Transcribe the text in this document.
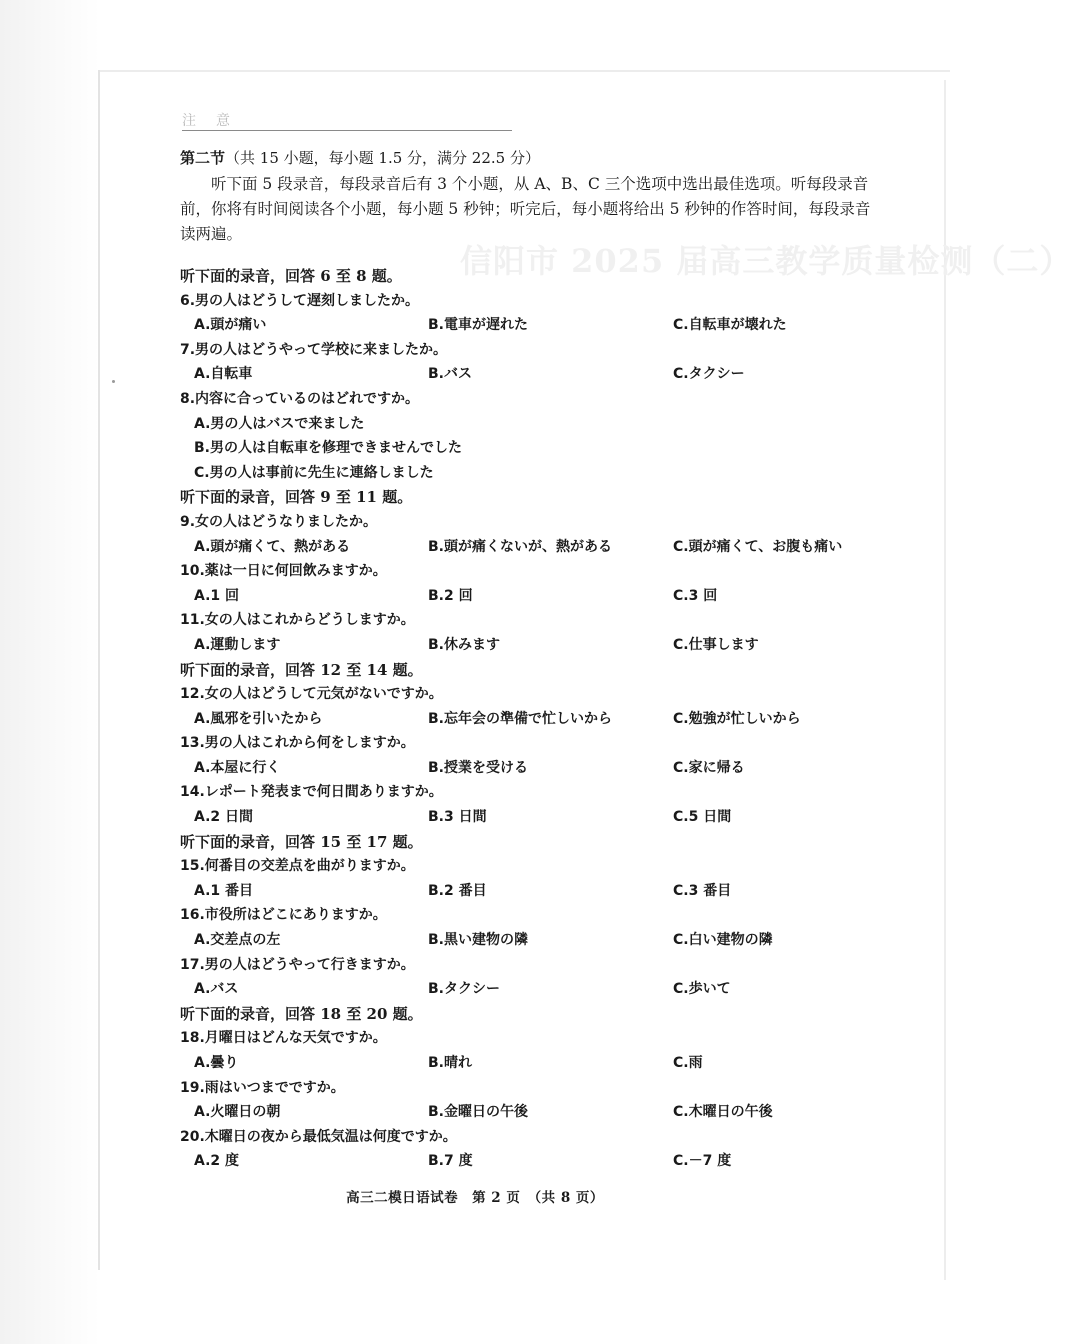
信阳市 2025 届高三教学质量检测（二）
注 意
第二节（共 15 小题，每小题 1.5 分，满分 22.5 分）
听下面 5 段录音，每段录音后有 3 个小题，从 A、B、C 三个选项中选出最佳选项。听每段录音前，你将有时间阅读各个小题，每小题 5 秒钟；听完后，每小题将给出 5 秒钟的作答时间，每段录音读两遍。
听下面的录音，回答 6 至 8 题。
6.男の人はどうして遅刻しましたか。
A.頭が痛い	B.電車が遅れた	C.自転車が壊れた
7.男の人はどうやって学校に来ましたか。
A.自転車	B.バス	C.タクシー
8.内容に合っているのはどれですか。
A.男の人はバスで来ました
B.男の人は自転車を修理できませんでした
C.男の人は事前に先生に連絡しました
听下面的录音，回答 9 至 11 题。
9.女の人はどうなりましたか。
A.頭が痛くて、熱がある	B.頭が痛くないが、熱がある	C.頭が痛くて、お腹も痛い
10.薬は一日に何回飲みますか。
A.1 回	B.2 回	C.3 回
11.女の人はこれからどうしますか。
A.運動します	B.休みます	C.仕事します
听下面的录音，回答 12 至 14 题。
12.女の人はどうして元気がないですか。
A.風邪を引いたから	B.忘年会の準備で忙しいから	C.勉強が忙しいから
13.男の人はこれから何をしますか。
A.本屋に行く	B.授業を受ける	C.家に帰る
14.レポート発表まで何日間ありますか。
A.2 日間	B.3 日間	C.5 日間
听下面的录音，回答 15 至 17 题。
15.何番目の交差点を曲がりますか。
A.1 番目	B.2 番目	C.3 番目
16.市役所はどこにありますか。
A.交差点の左	B.黒い建物の隣	C.白い建物の隣
17.男の人はどうやって行きますか。
A.バス	B.タクシー	C.歩いて
听下面的录音，回答 18 至 20 题。
18.月曜日はどんな天気ですか。
A.曇り	B.晴れ	C.雨
19.雨はいつまでですか。
A.火曜日の朝	B.金曜日の午後	C.木曜日の午後
20.木曜日の夜から最低気温は何度ですか。
A.2 度	B.7 度	C.－7 度
高三二模日语试卷　第 2 页　（共 8 页）
